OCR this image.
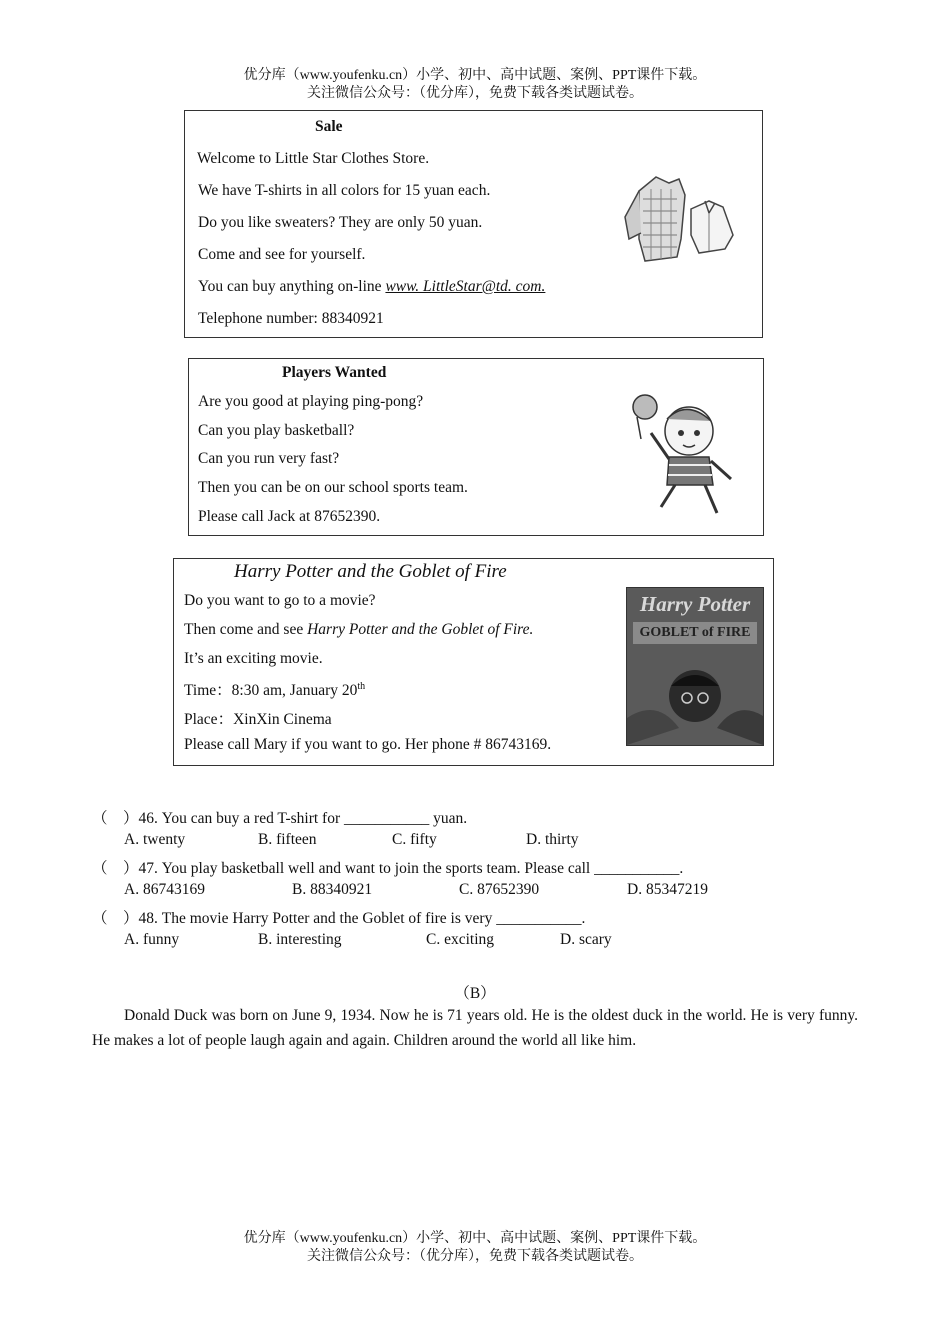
优分库（www.youfenku.cn）小学、初中、高中试题、案例、PPT课件下载。
关注微信公众号：（优分库），免费下载各类试题试卷。
Sale
Welcome to Little Star Clothes Store.
We have T-shirts in all colors for 15 yuan each.
Do you like sweaters? They are only 50 yuan.
Come and see for yourself.
You can buy anything on-line www. LittleStar@td. com.
Telephone number: 88340921
Players Wanted
Are you good at playing ping-pong?
Can you play basketball?
Can you run very fast?
Then you can be on our school sports team.
Please call Jack at 87652390.
Harry Potter and the Goblet of Fire
Do you want to go to a movie?
Then come and see Harry Potter and the Goblet of Fire.
It’s an exciting movie.
Time：8:30 am, January 20th
Place：XinXin Cinema
Please call Mary if you want to go. Her phone # 86743169.
Harry Potter
GOBLET of FIRE
（　）46. You can buy a red T-shirt for ___________ yuan.
A. twenty	B. fifteen	C. fifty	D. thirty
（　）47. You play basketball well and want to join the sports team. Please call ___________.
A. 86743169	B. 88340921	C. 87652390	D. 85347219
（　）48. The movie Harry Potter and the Goblet of fire is very ___________.
A. funny	B. interesting	C. exciting	D. scary
（B）
Donald Duck was born on June 9, 1934. Now he is 71 years old. He is the oldest duck in the world. He is very funny. He makes a lot of people laugh again and again. Children around the world all like him.
优分库（www.youfenku.cn）小学、初中、高中试题、案例、PPT课件下载。
关注微信公众号：（优分库），免费下载各类试题试卷。
